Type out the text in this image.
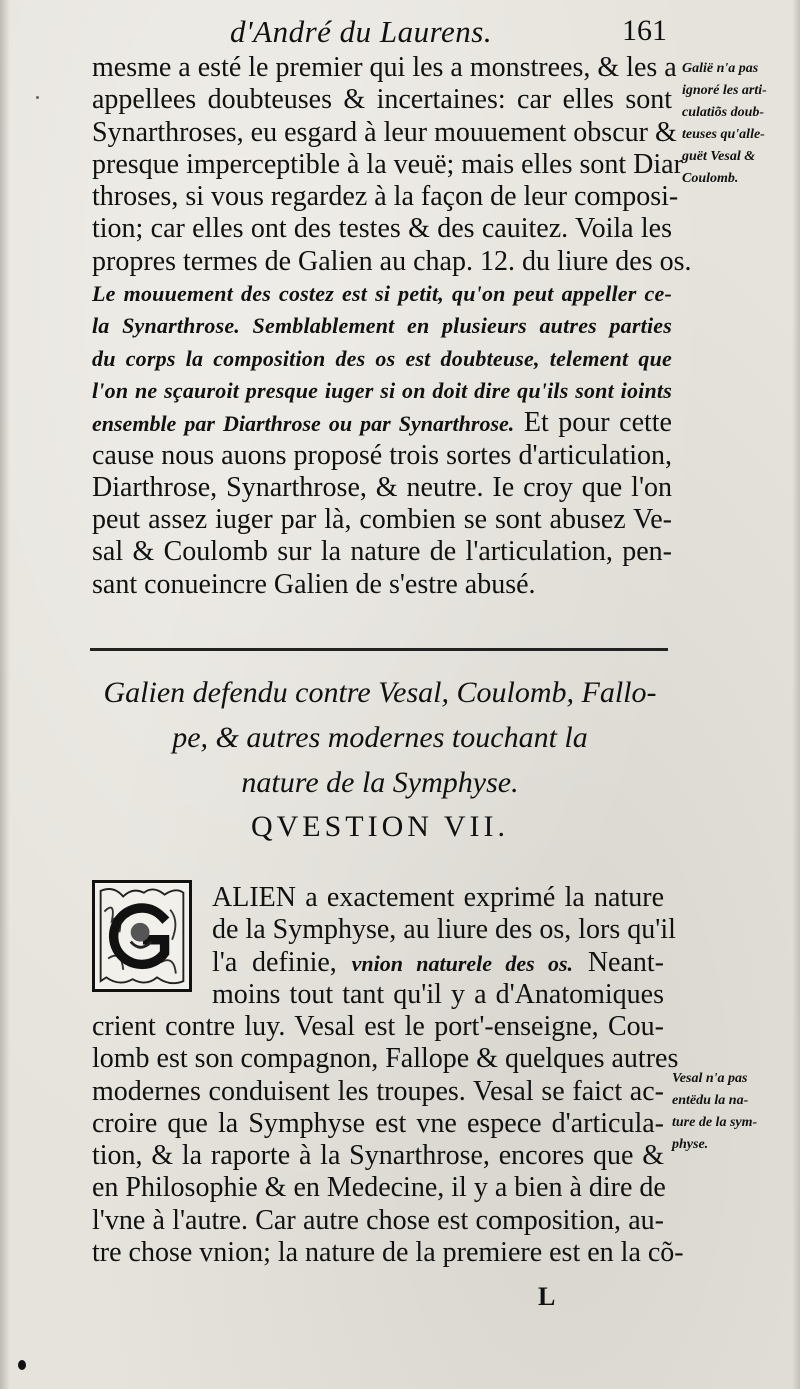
d'André du Laurens.	161
mesme a esté le premier qui les a monstrees, & les a
appellees doubteuses & incertaines: car elles sont
Synarthroses, eu esgard à leur mouuement obscur &
presque imperceptible à la veuë; mais elles sont Diar
throses, si vous regardez à la façon de leur composi-
tion; car elles ont des testes & des cauitez. Voila les
propres termes de Galien au chap. 12. du liure des os.
Le mouuement des costez est si petit, qu'on peut appeller ce-
la Synarthrose. Semblablement en plusieurs autres parties
du corps la composition des os est doubteuse, telement que
l'on ne sçauroit presque iuger si on doit dire qu'ils sont ioints
ensemble par Diarthrose ou par Synarthrose. Et pour cette
cause nous auons proposé trois sortes d'articulation,
Diarthrose, Synarthrose, & neutre. Ie croy que l'on
peut assez iuger par là, combien se sont abusez Ve-
sal & Coulomb sur la nature de l'articulation, pen-
sant conueincre Galien de s'estre abusé.
Galië n'a pas
ignoré les arti-
culatiõs doub-
teuses qu'alle-
guët Vesal &
Coulomb.
Galien defendu contre Vesal, Coulomb, Fallo-
pe, & autres modernes touchant la
nature de la Symphyse.
QVESTION VII.
ALIEN a exactement exprimé la nature
de la Symphyse, au liure des os, lors qu'il
l'a definie, vnion naturele des os. Neant-
moins tout tant qu'il y a d'Anatomiques
crient contre luy. Vesal est le port'-enseigne, Cou-
lomb est son compagnon, Fallope & quelques autres
modernes conduisent les troupes. Vesal se faict ac-
croire que la Symphyse est vne espece d'articula-
tion, & la raporte à la Synarthrose, encores que &
en Philosophie & en Medecine, il y a bien à dire de
l'vne à l'autre. Car autre chose est composition, au-
tre chose vnion; la nature de la premiere est en la cõ-
Vesal n'a pas
entëdu la na-
ture de la sym-
physe.
L
